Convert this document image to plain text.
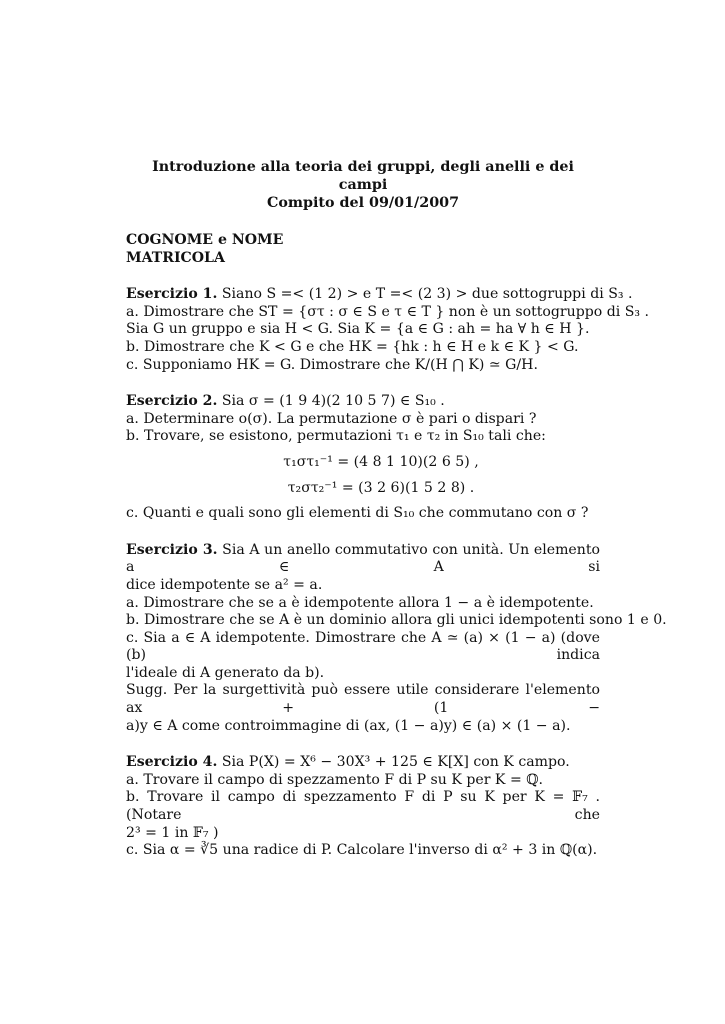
Introduzione alla teoria dei gruppi, degli anelli e dei campi
Compito del 09/01/2007
COGNOME e NOME
MATRICOLA
Esercizio 1. Siano S =< (1 2) > e T =< (2 3) > due sottogruppi di S₃ .
a. Dimostrare che ST = {στ : σ ∈ S e τ ∈ T } non è un sottogruppo di S₃ .
Sia G un gruppo e sia H < G. Sia K = {a ∈ G : ah = ha ∀ h ∈ H }.
b. Dimostrare che K < G e che HK = {hk : h ∈ H e k ∈ K } < G.
c. Supponiamo HK = G. Dimostrare che K/(H ⋂ K) ≃ G/H.
Esercizio 2. Sia σ = (1 9 4)(2 10 5 7) ∈ S₁₀ .
a. Determinare o(σ). La permutazione σ è pari o dispari ?
b. Trovare, se esistono, permutazioni τ₁ e τ₂ in S₁₀ tali che:
τ₁στ₁⁻¹ = (4 8 1 10)(2 6 5) ,
τ₂στ₂⁻¹ = (3 2 6)(1 5 2 8) .
c. Quanti e quali sono gli elementi di S₁₀ che commutano con σ ?
Esercizio 3. Sia A un anello commutativo con unità. Un elemento a ∈ A si
dice idempotente se a² = a.
a. Dimostrare che se a è idempotente allora 1 − a è idempotente.
b. Dimostrare che se A è un dominio allora gli unici idempotenti sono 1 e 0.
c. Sia a ∈ A idempotente. Dimostrare che A ≃ (a) × (1 − a) (dove (b) indica
l'ideale di A generato da b).
Sugg. Per la surgettività può essere utile considerare l'elemento ax + (1 −
a)y ∈ A come controimmagine di (ax, (1 − a)y) ∈ (a) × (1 − a).
Esercizio 4. Sia P(X) = X⁶ − 30X³ + 125 ∈ K[X] con K campo.
a. Trovare il campo di spezzamento F di P su K per K = ℚ.
b. Trovare il campo di spezzamento F di P su K per K = 𝔽₇ . (Notare che
2³ = 1 in 𝔽₇ )
c. Sia α = ∛5 una radice di P. Calcolare l'inverso di α² + 3 in ℚ(α).
